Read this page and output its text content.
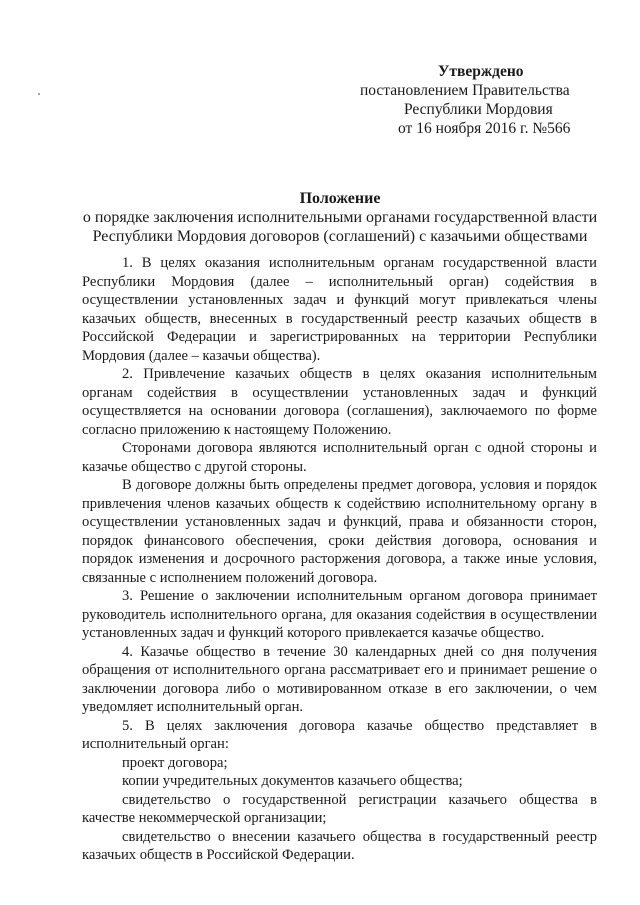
Утверждено
постановлением Правительства
Республики Мордовия
от 16 ноября 2016 г. №566
Положение
о порядке заключения исполнительными органами государственной власти
Республики Мордовия договоров (соглашений) с казачьими обществами

1. В целях оказания исполнительным органам государственной власти Республики Мордовия (далее – исполнительный орган) содействия в осуществлении установленных задач и функций могут привлекаться члены казачьих обществ, внесенных в государственный реестр казачьих обществ в Российской Федерации и зарегистрированных на территории Республики Мордовия (далее – казачьи общества).

2. Привлечение казачьих обществ в целях оказания исполнительным органам содействия в осуществлении установленных задач и функций осуществляется на основании договора (соглашения), заключаемого по форме согласно приложению к настоящему Положению.

Сторонами договора являются исполнительный орган с одной стороны и казачье общество с другой стороны.

В договоре должны быть определены предмет договора, условия и порядок привлечения членов казачьих обществ к содействию исполнительному органу в осуществлении установленных задач и функций, права и обязанности сторон, порядок финансового обеспечения, сроки действия договора, основания и порядок изменения и досрочного расторжения договора, а также иные условия, связанные с исполнением положений договора.

3. Решение о заключении исполнительным органом договора принимает руководитель исполнительного органа, для оказания содействия в осуществлении установленных задач и функций которого привлекается казачье общество.

4. Казачье общество в течение 30 календарных дней со дня получения обращения от исполнительного органа рассматривает его и принимает решение о заключении договора либо о мотивированном отказе в его заключении, о чем уведомляет исполнительный орган.

5. В целях заключения договора казачье общество представляет в исполнительный орган:

проект договора;

копии учредительных документов казачьего общества;

свидетельство о государственной регистрации казачьего общества в качестве некоммерческой организации;

свидетельство о внесении казачьего общества в государственный реестр казачьих обществ в Российской Федерации.
